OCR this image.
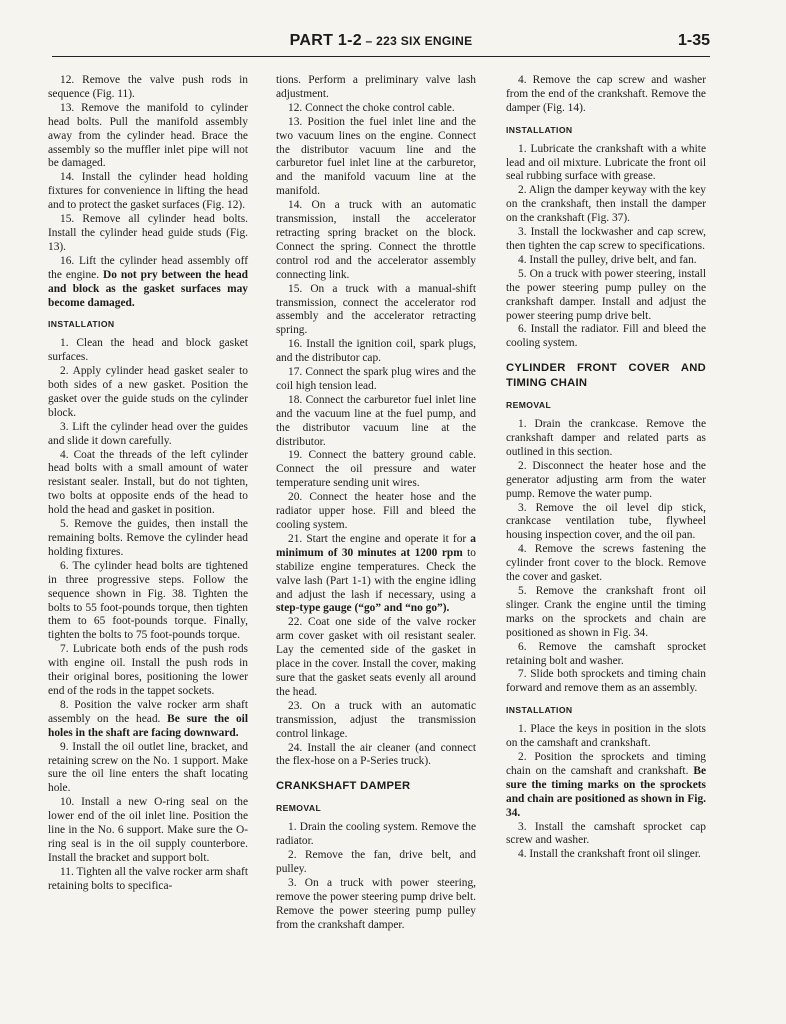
PART 1-2 – 223 SIX ENGINE	1-35

12. Remove the valve push rods in sequence (Fig. 11).

13. Remove the manifold to cylinder head bolts. Pull the manifold assembly away from the cylinder head. Brace the assembly so the muffler inlet pipe will not be damaged.

14. Install the cylinder head holding fixtures for convenience in lifting the head and to protect the gasket surfaces (Fig. 12).

15. Remove all cylinder head bolts. Install the cylinder head guide studs (Fig. 13).

16. Lift the cylinder head assembly off the engine. Do not pry between the head and block as the gasket surfaces may become damaged.

INSTALLATION

1. Clean the head and block gasket surfaces.

2. Apply cylinder head gasket sealer to both sides of a new gasket. Position the gasket over the guide studs on the cylinder block.

3. Lift the cylinder head over the guides and slide it down carefully.

4. Coat the threads of the left cylinder head bolts with a small amount of water resistant sealer. Install, but do not tighten, two bolts at opposite ends of the head to hold the head and gasket in position.

5. Remove the guides, then install the remaining bolts. Remove the cylinder head holding fixtures.

6. The cylinder head bolts are tightened in three progressive steps. Follow the sequence shown in Fig. 38. Tighten the bolts to 55 foot-pounds torque, then tighten them to 65 foot-pounds torque. Finally, tighten the bolts to 75 foot-pounds torque.

7. Lubricate both ends of the push rods with engine oil. Install the push rods in their original bores, positioning the lower end of the rods in the tappet sockets.

8. Position the valve rocker arm shaft assembly on the head. Be sure the oil holes in the shaft are facing downward.

9. Install the oil outlet line, bracket, and retaining screw on the No. 1 support. Make sure the oil line enters the shaft locating hole.

10. Install a new O-ring seal on the lower end of the oil inlet line. Position the line in the No. 6 support. Make sure the O-ring seal is in the oil supply counterbore. Install the bracket and support bolt.

11. Tighten all the valve rocker arm shaft retaining bolts to specifica-

tions. Perform a preliminary valve lash adjustment.

12. Connect the choke control cable.

13. Position the fuel inlet line and the two vacuum lines on the engine. Connect the distributor vacuum line and the carburetor fuel inlet line at the carburetor, and the manifold vacuum line at the manifold.

14. On a truck with an automatic transmission, install the accelerator retracting spring bracket on the block. Connect the spring. Connect the throttle control rod and the accelerator assembly connecting link.

15. On a truck with a manual-shift transmission, connect the accelerator rod assembly and the accelerator retracting spring.

16. Install the ignition coil, spark plugs, and the distributor cap.

17. Connect the spark plug wires and the coil high tension lead.

18. Connect the carburetor fuel inlet line and the vacuum line at the fuel pump, and the distributor vacuum line at the distributor.

19. Connect the battery ground cable. Connect the oil pressure and water temperature sending unit wires.

20. Connect the heater hose and the radiator upper hose. Fill and bleed the cooling system.

21. Start the engine and operate it for a minimum of 30 minutes at 1200 rpm to stabilize engine temperatures. Check the valve lash (Part 1-1) with the engine idling and adjust the lash if necessary, using a step-type gauge (“go” and “no go”).

22. Coat one side of the valve rocker arm cover gasket with oil resistant sealer. Lay the cemented side of the gasket in place in the cover. Install the cover, making sure that the gasket seats evenly all around the head.

23. On a truck with an automatic transmission, adjust the transmission control linkage.

24. Install the air cleaner (and connect the flex-hose on a P-Series truck).

CRANKSHAFT DAMPER
REMOVAL

1. Drain the cooling system. Remove the radiator.

2. Remove the fan, drive belt, and pulley.

3. On a truck with power steering, remove the power steering pump drive belt. Remove the power steering pump pulley from the crankshaft damper.

4. Remove the cap screw and washer from the end of the crankshaft. Remove the damper (Fig. 14).

INSTALLATION

1. Lubricate the crankshaft with a white lead and oil mixture. Lubricate the front oil seal rubbing surface with grease.

2. Align the damper keyway with the key on the crankshaft, then install the damper on the crankshaft (Fig. 37).

3. Install the lockwasher and cap screw, then tighten the cap screw to specifications.

4. Install the pulley, drive belt, and fan.

5. On a truck with power steering, install the power steering pump pulley on the crankshaft damper. Install and adjust the power steering pump drive belt.

6. Install the radiator. Fill and bleed the cooling system.

CYLINDER FRONT COVER AND TIMING CHAIN
REMOVAL

1. Drain the crankcase. Remove the crankshaft damper and related parts as outlined in this section.

2. Disconnect the heater hose and the generator adjusting arm from the water pump. Remove the water pump.

3. Remove the oil level dip stick, crankcase ventilation tube, flywheel housing inspection cover, and the oil pan.

4. Remove the screws fastening the cylinder front cover to the block. Remove the cover and gasket.

5. Remove the crankshaft front oil slinger. Crank the engine until the timing marks on the sprockets and chain are positioned as shown in Fig. 34.

6. Remove the camshaft sprocket retaining bolt and washer.

7. Slide both sprockets and timing chain forward and remove them as an assembly.

INSTALLATION

1. Place the keys in position in the slots on the camshaft and crankshaft.

2. Position the sprockets and timing chain on the camshaft and crankshaft. Be sure the timing marks on the sprockets and chain are positioned as shown in Fig. 34.

3. Install the camshaft sprocket cap screw and washer.

4. Install the crankshaft front oil slinger.
